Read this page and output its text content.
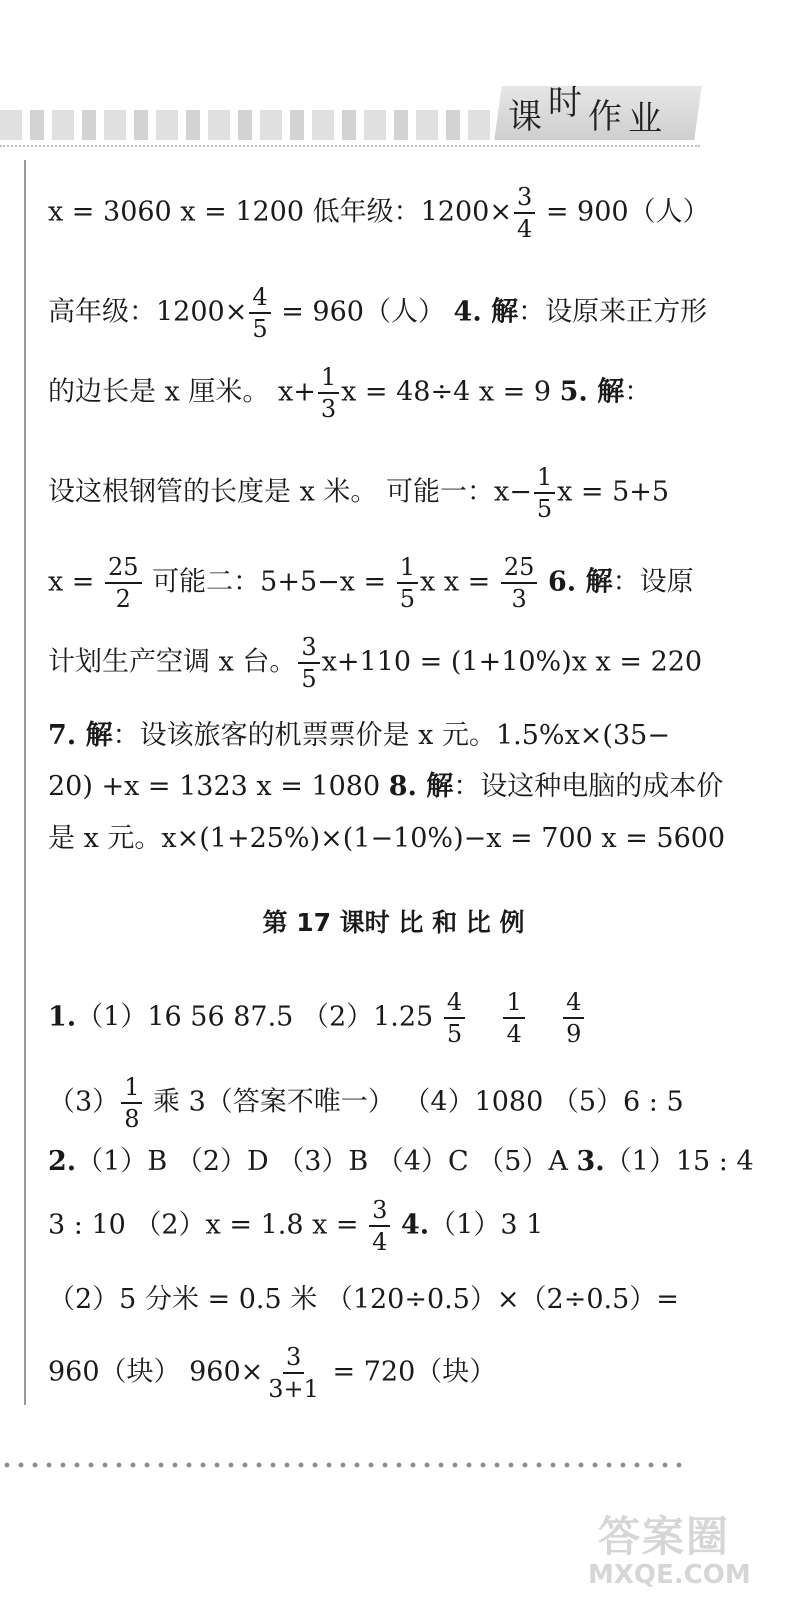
课 时 作 业
x = 3060 x = 1200 低年级：$1200\times \frac{3}{4} = 900$（人）
高年级：$1200\times \frac{4}{5} = 960$（人） 4. 解：设原来正方形
的边长是 x 厘米。 $x+ \frac{1}{3}$ x = 48÷4 x = 9 5. 解：
设这根钢管的长度是 x 米。 可能一：$x- \frac{1}{5}$ x = 5+5
$x = \frac{25}{2}$ 可能二：$5+5-x = \frac{1}{5}$ x $x = \frac{25}{3} 6$. 解：设原
计划生产空调 x 台。 $\frac{3}{5} x+110 = (1+10\%)x$ x = 220
7. 解：设该旅客的机票票价是 x 元。1.5%x×(35−
20) +x = 1323 x = 1080 8. 解：设这种电脑的成本价
是 x 元。x×(1+25%)×(1−10%)−x = 700 x = 5600
第 17 课时 比 和 比 例
1.（1）16 56 87.5 $(2)1.25 \frac{4}{5}$
$\frac{1}{4}$
$\frac{4}{9}$
$(3) \frac{1}{8}$ 乘 3（答案不唯一） （4）1080 （5）6 : 5
2.（1）B （2）D （3）B （4）C （5）A 3.（1）15 : 4
3 : 10 （2）x = 1.8 $x = \frac{3}{4} 4.(1)3$ 1
（2）5 分米 = 0.5 米 （120÷0.5）×（2÷0.5）=
960（块） $960\times \frac{3}{3+1} = 720$（块）
答案圈
MXQE.COM
